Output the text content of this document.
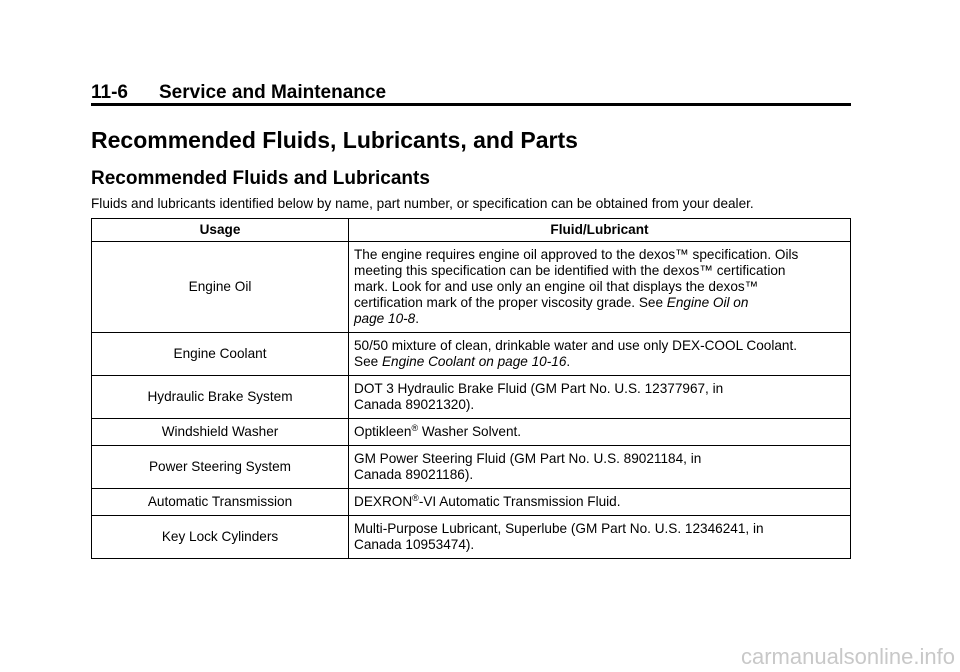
11-6 Service and Maintenance
Recommended Fluids, Lubricants, and Parts
Recommended Fluids and Lubricants

Fluids and lubricants identified below by name, part number, or specification can be obtained from your dealer.

Usage	Fluid/Lubricant
Engine Oil	The engine requires engine oil approved to the dexos™ specification. Oils
meeting this specification can be identified with the dexos™ certification
mark. Look for and use only an engine oil that displays the dexos™
certification mark of the proper viscosity grade. See Engine Oil on
page 10-8.
Engine Coolant	50/50 mixture of clean, drinkable water and use only DEX-COOL Coolant.
See Engine Coolant on page 10-16.
Hydraulic Brake System	DOT 3 Hydraulic Brake Fluid (GM Part No. U.S. 12377967, in
Canada 89021320).
Windshield Washer	Optikleen® Washer Solvent.
Power Steering System	GM Power Steering Fluid (GM Part No. U.S. 89021184, in
Canada 89021186).
Automatic Transmission	DEXRON®-VI Automatic Transmission Fluid.
Key Lock Cylinders	Multi-Purpose Lubricant, Superlube (GM Part No. U.S. 12346241, in
Canada 10953474).
carmanualsonline.info
